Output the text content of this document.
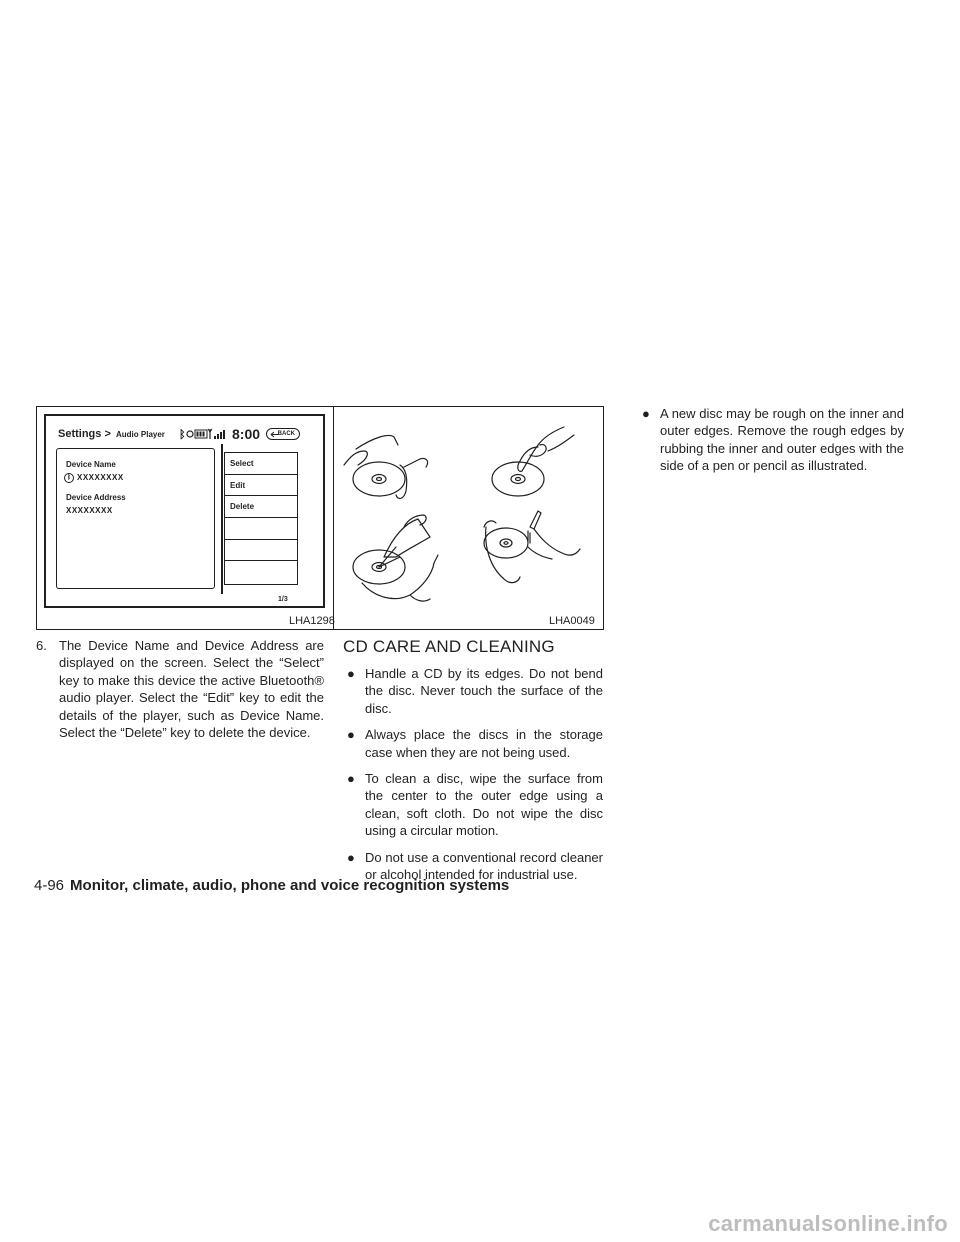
Settings > Audio Player ᛒ	8:00	BACK
Device Name
ᛒ XXXXXXXX
Device Address
XXXXXXXX
Select
Edit
Delete
1/3
LHA1298	LHA0049
6. The Device Name and Device Address are displayed on the screen. Select the “Select” key to make this device the active Bluetooth® audio player. Select the “Edit” key to edit the details of the player, such as Device Name. Select the “Delete” key to delete the device.
CD CARE AND CLEANING
● Handle a CD by its edges. Do not bend the disc. Never touch the surface of the disc.
● Always place the discs in the storage case when they are not being used.
● To clean a disc, wipe the surface from the center to the outer edge using a clean, soft cloth. Do not wipe the disc using a circular motion.
● Do not use a conventional record cleaner or alcohol intended for industrial use.
● A new disc may be rough on the inner and outer edges. Remove the rough edges by rubbing the inner and outer edges with the side of a pen or pencil as illustrated.
4-96 Monitor, climate, audio, phone and voice recognition systems
carmanualsonline.info
